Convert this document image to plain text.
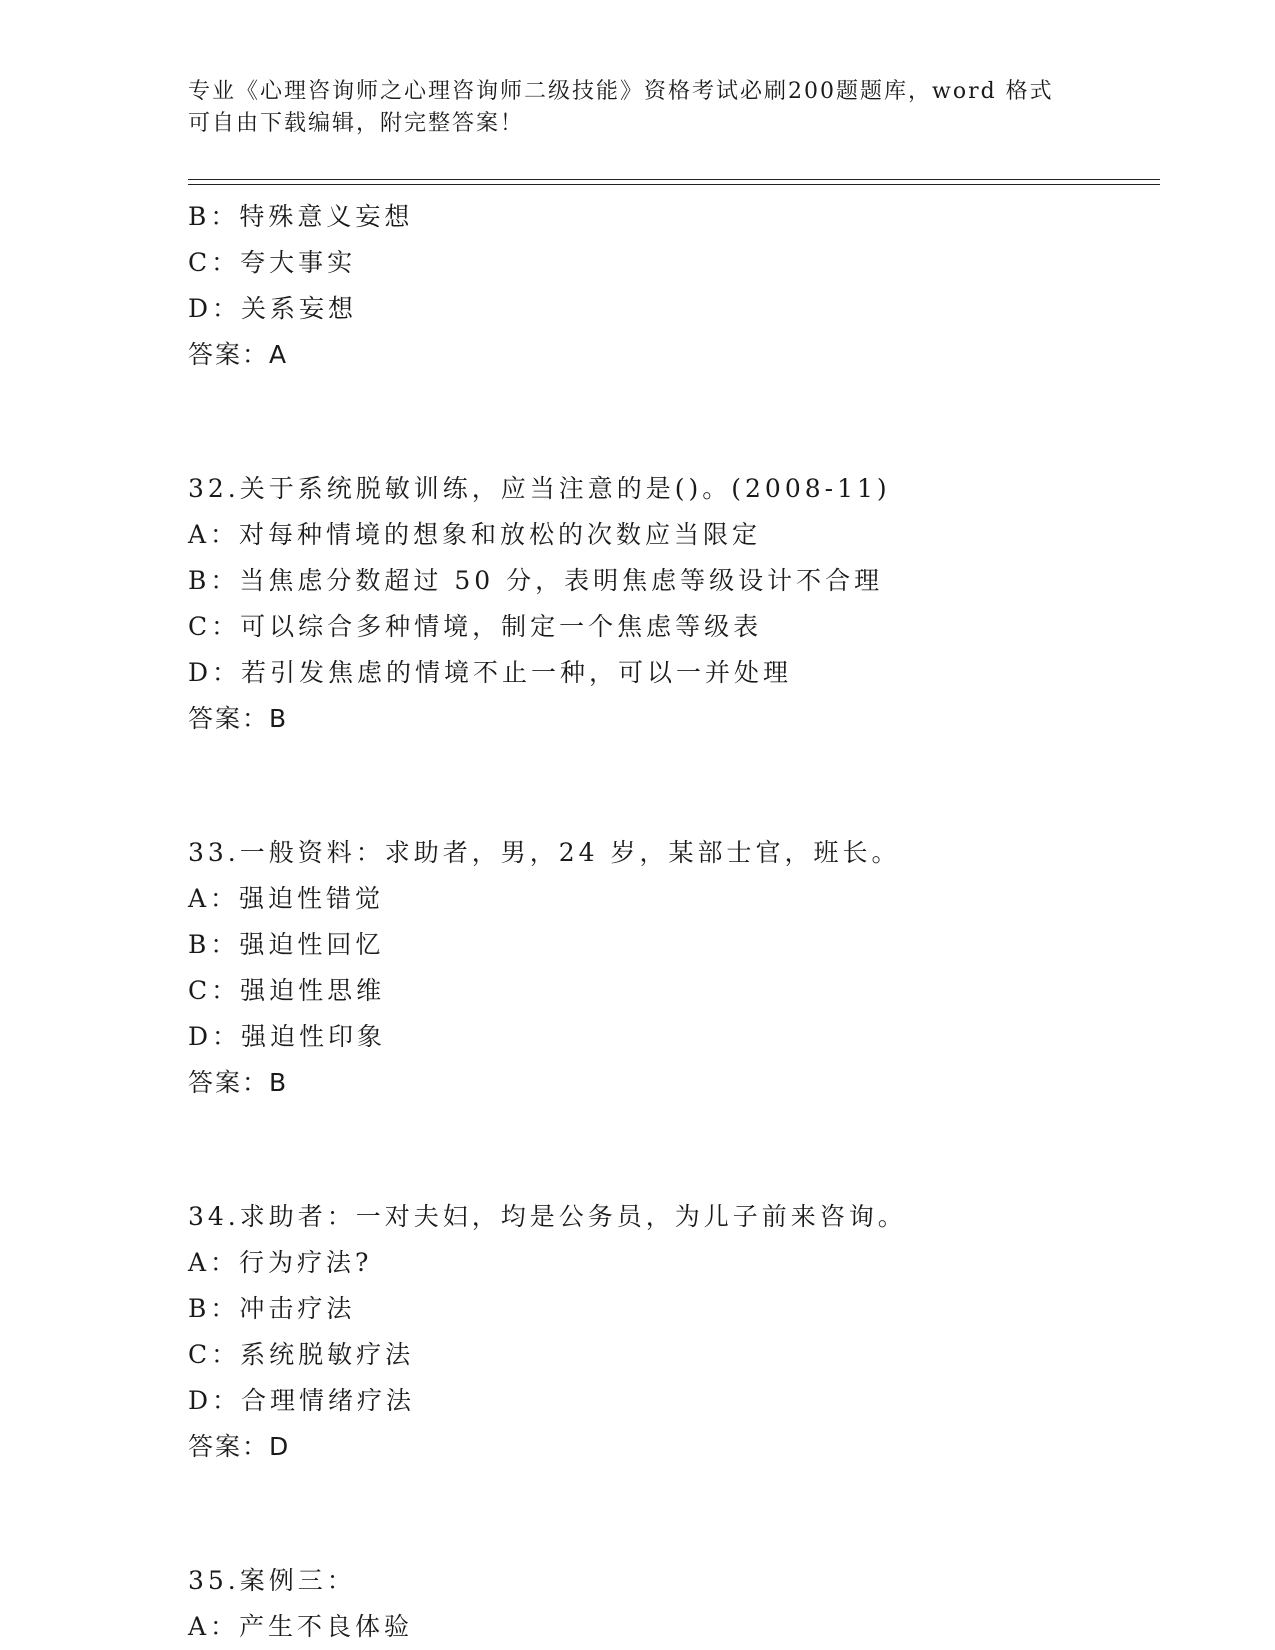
专业《心理咨询师之心理咨询师二级技能》资格考试必刷200题题库，word 格式
可自由下载编辑，附完整答案！
B：特殊意义妄想
C：夸大事实
D：关系妄想
答案：A
32.关于系统脱敏训练，应当注意的是()。(2008-11)
A：对每种情境的想象和放松的次数应当限定
B：当焦虑分数超过 50 分，表明焦虑等级设计不合理
C：可以综合多种情境，制定一个焦虑等级表
D：若引发焦虑的情境不止一种，可以一并处理
答案：B
33.一般资料：求助者，男，24 岁，某部士官，班长。
A：强迫性错觉
B：强迫性回忆
C：强迫性思维
D：强迫性印象
答案：B
34.求助者：一对夫妇，均是公务员，为儿子前来咨询。
A：行为疗法?
B：冲击疗法
C：系统脱敏疗法
D：合理情绪疗法
答案：D
35.案例三：
A：产生不良体验
